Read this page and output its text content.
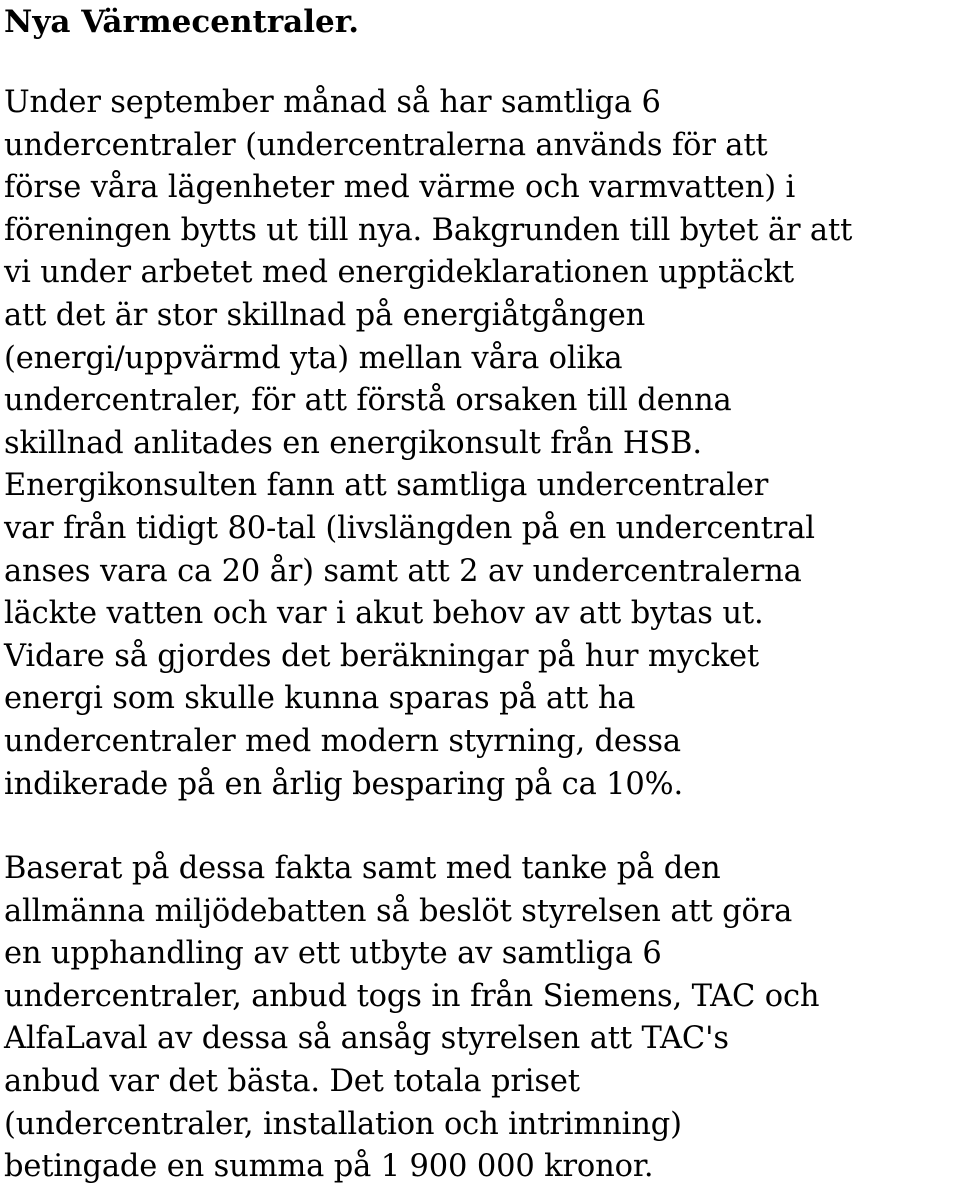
Nya Värmecentraler.

Under september månad så har samtliga 6
undercentraler (undercentralerna används för att
förse våra lägenheter med värme och varmvatten) i
föreningen bytts ut till nya. Bakgrunden till bytet är att
vi under arbetet med energideklarationen upptäckt
att det är stor skillnad på energiåtgången
(energi/uppvärmd yta) mellan våra olika
undercentraler, för att förstå orsaken till denna
skillnad anlitades en energikonsult från HSB.
Energikonsulten fann att samtliga undercentraler
var från tidigt 80-tal (livslängden på en undercentral
anses vara ca 20 år) samt att 2 av undercentralerna
läckte vatten och var i akut behov av att bytas ut.
Vidare så gjordes det beräkningar på hur mycket
energi som skulle kunna sparas på att ha
undercentraler med modern styrning, dessa
indikerade på en årlig besparing på ca 10%.

Baserat på dessa fakta samt med tanke på den
allmänna miljödebatten så beslöt styrelsen att göra
en upphandling av ett utbyte av samtliga 6
undercentraler, anbud togs in från Siemens, TAC och
AlfaLaval av dessa så ansåg styrelsen att TAC's
anbud var det bästa. Det totala priset
(undercentraler, installation och intrimning)
betingade en summa på 1 900 000 kronor.
